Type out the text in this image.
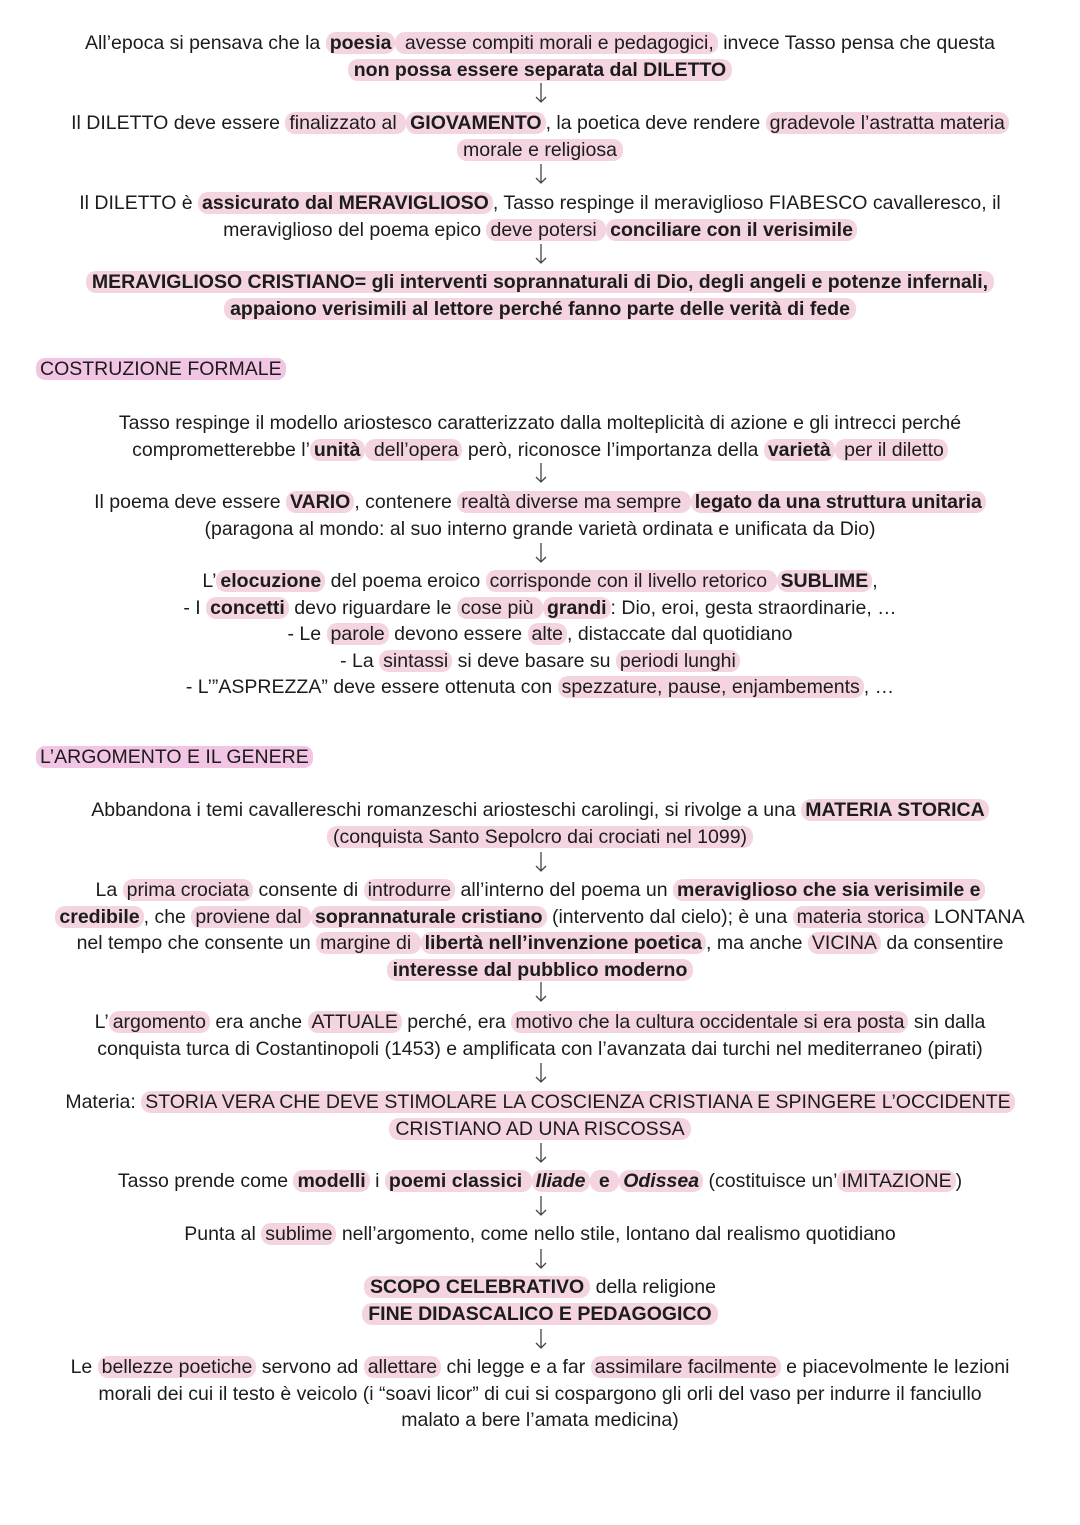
All’epoca si pensava che la poesia avesse compiti morali e pedagogici, invece Tasso pensa che questa
non possa essere separata dal DILETTO
Il DILETTO deve essere finalizzato al GIOVAMENTO , la poetica deve rendere gradevole l’astratta materia
morale e religiosa
Il DILETTO è assicurato dal MERAVIGLIOSO , Tasso respinge il meraviglioso FIABESCO cavalleresco, il
meraviglioso del poema epico deve potersi conciliare con il verisimile
MERAVIGLIOSO CRISTIANO= gli interventi soprannaturali di Dio, degli angeli e potenze infernali,
appaiono verisimili al lettore perché fanno parte delle verità di fede
COSTRUZIONE FORMALE
Tasso respinge il modello ariostesco caratterizzato dalla molteplicità di azione e gli intrecci perché
comprometterebbe l’ unità dell’opera però, riconosce l’importanza della varietà per il diletto
Il poema deve essere VARIO , contenere realtà diverse ma sempre legato da una struttura unitaria
(paragona al mondo: al suo interno grande varietà ordinata e unificata da Dio)
L’ elocuzione del poema eroico corrisponde con il livello retorico SUBLIME ,
- I concetti devo riguardare le cose più grandi : Dio, eroi, gesta straordinarie, …
- Le parole devono essere alte , distaccate dal quotidiano
- La sintassi si deve basare su periodi lunghi
- L’”ASPREZZA” deve essere ottenuta con spezzature, pause, enjambements , …
L’ARGOMENTO E IL GENERE
Abbandona i temi cavallereschi romanzeschi ariosteschi carolingi, si rivolge a una MATERIA STORICA
(conquista Santo Sepolcro dai crociati nel 1099)
La prima crociata consente di introdurre all’interno del poema un meraviglioso che sia verisimile e
credibile , che proviene dal soprannaturale cristiano (intervento dal cielo); è una materia storica LONTANA
nel tempo che consente un margine di libertà nell’invenzione poetica , ma anche VICINA da consentire
interesse dal pubblico moderno
L’ argomento era anche ATTUALE perché, era motivo che la cultura occidentale si era posta sin dalla
conquista turca di Costantinopoli (1453) e amplificata con l’avanzata dai turchi nel mediterraneo (pirati)
Materia: STORIA VERA CHE DEVE STIMOLARE LA COSCIENZA CRISTIANA E SPINGERE L’OCCIDENTE
CRISTIANO AD UNA RISCOSSA
Tasso prende come modelli i poemi classici Iliade e Odissea (costituisce un’ IMITAZIONE )
Punta al sublime nell’argomento, come nello stile, lontano dal realismo quotidiano
SCOPO CELEBRATIVO della religione
FINE DIDASCALICO E PEDAGOGICO
Le bellezze poetiche servono ad allettare chi legge e a far assimilare facilmente e piacevolmente le lezioni
morali dei cui il testo è veicolo (i “soavi licor” di cui si cospargono gli orli del vaso per indurre il fanciullo
malato a bere l’amata medicina)
